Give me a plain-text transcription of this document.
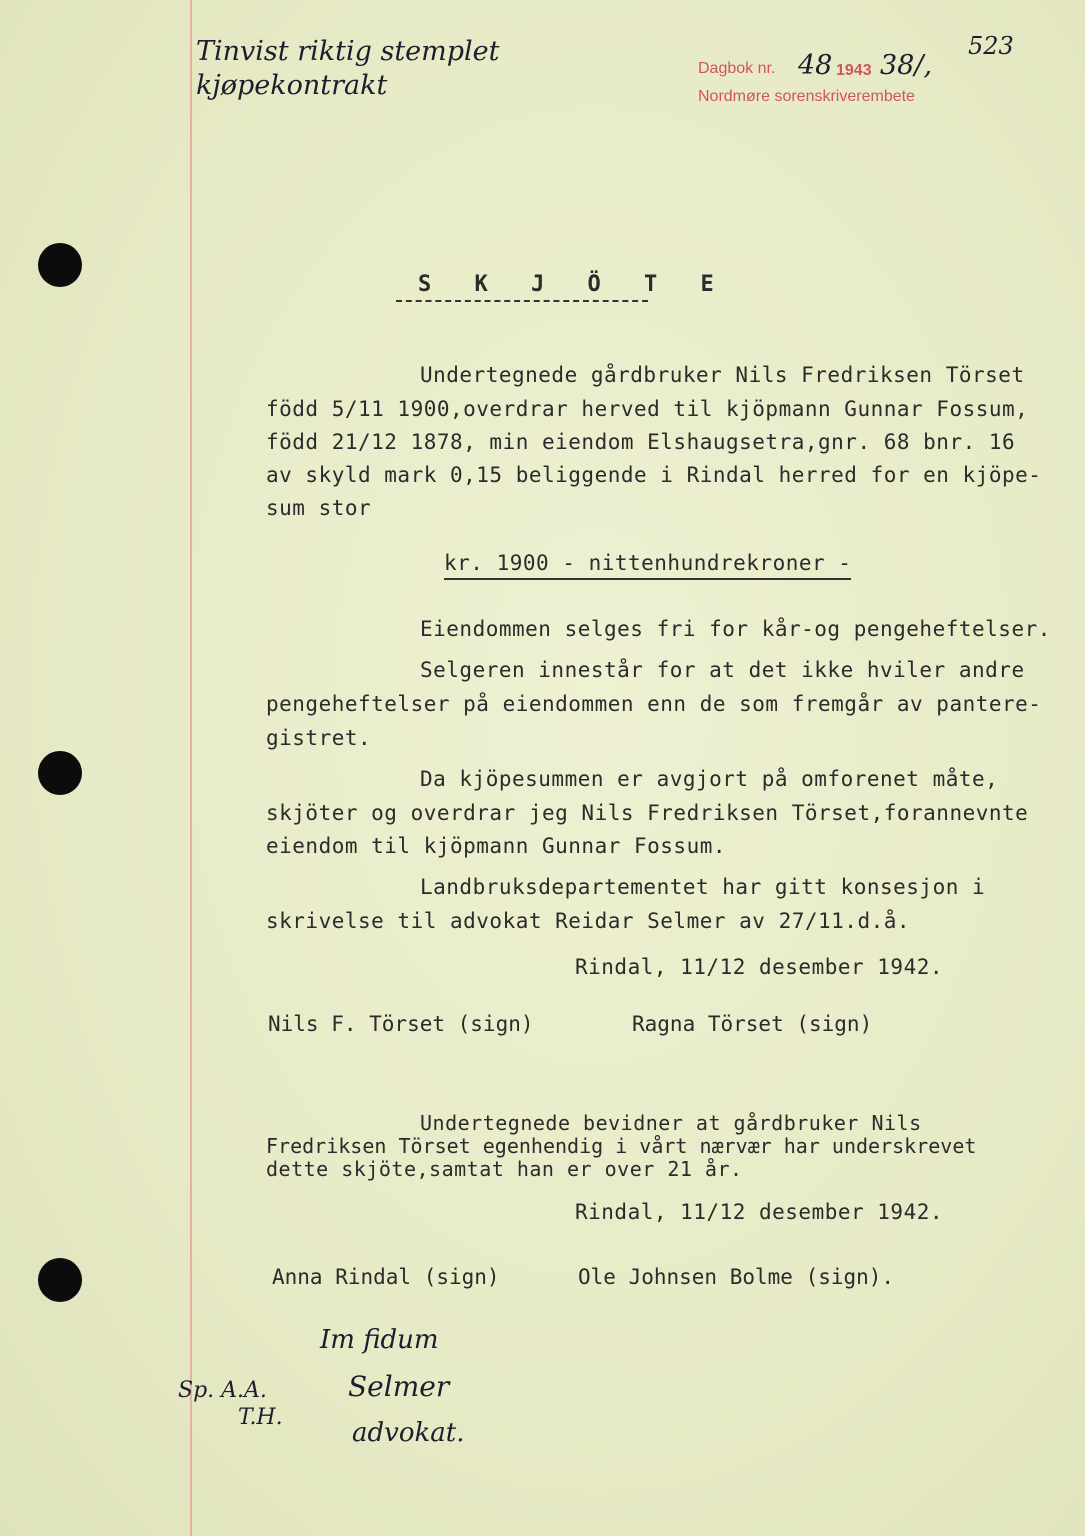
Tinvist riktig stemplet
kjøpekontrakt
Dagbok nr. 48 1943 38/,
Nordmøre sorenskriverembete
523
S K J Ö T E
Undertegnede gårdbruker Nils Fredriksen Törset
född 5/11 1900,overdrar herved til kjöpmann Gunnar Fossum,
född 21/12 1878, min eiendom Elshaugsetra,gnr. 68 bnr. 16
av skyld mark 0,15 beliggende i Rindal herred for en kjöpe-
sum stor
kr. 1900 - nittenhundrekroner -
Eiendommen selges fri for kår-og pengeheftelser.
Selgeren innestår for at det ikke hviler andre
pengeheftelser på eiendommen enn de som fremgår av pantere-
gistret.
Da kjöpesummen er avgjort på omforenet måte,
skjöter og overdrar jeg Nils Fredriksen Törset,forannevnte
eiendom til kjöpmann Gunnar Fossum.
Landbruksdepartementet har gitt konsesjon i
skrivelse til advokat Reidar Selmer av 27/11.d.å.
Rindal, 11/12 desember 1942.
Nils F. Törset (sign)	Ragna Törset (sign)
Undertegnede bevidner at gårdbruker Nils
Fredriksen Törset egenhendig i vårt nærvær har underskrevet
dette skjöte,samtat han er over 21 år.
Rindal, 11/12 desember 1942.
Anna Rindal (sign)	Ole Johnsen Bolme (sign).
Sp. A.A.
T.H.
Im fidum
Selmer
advokat.
